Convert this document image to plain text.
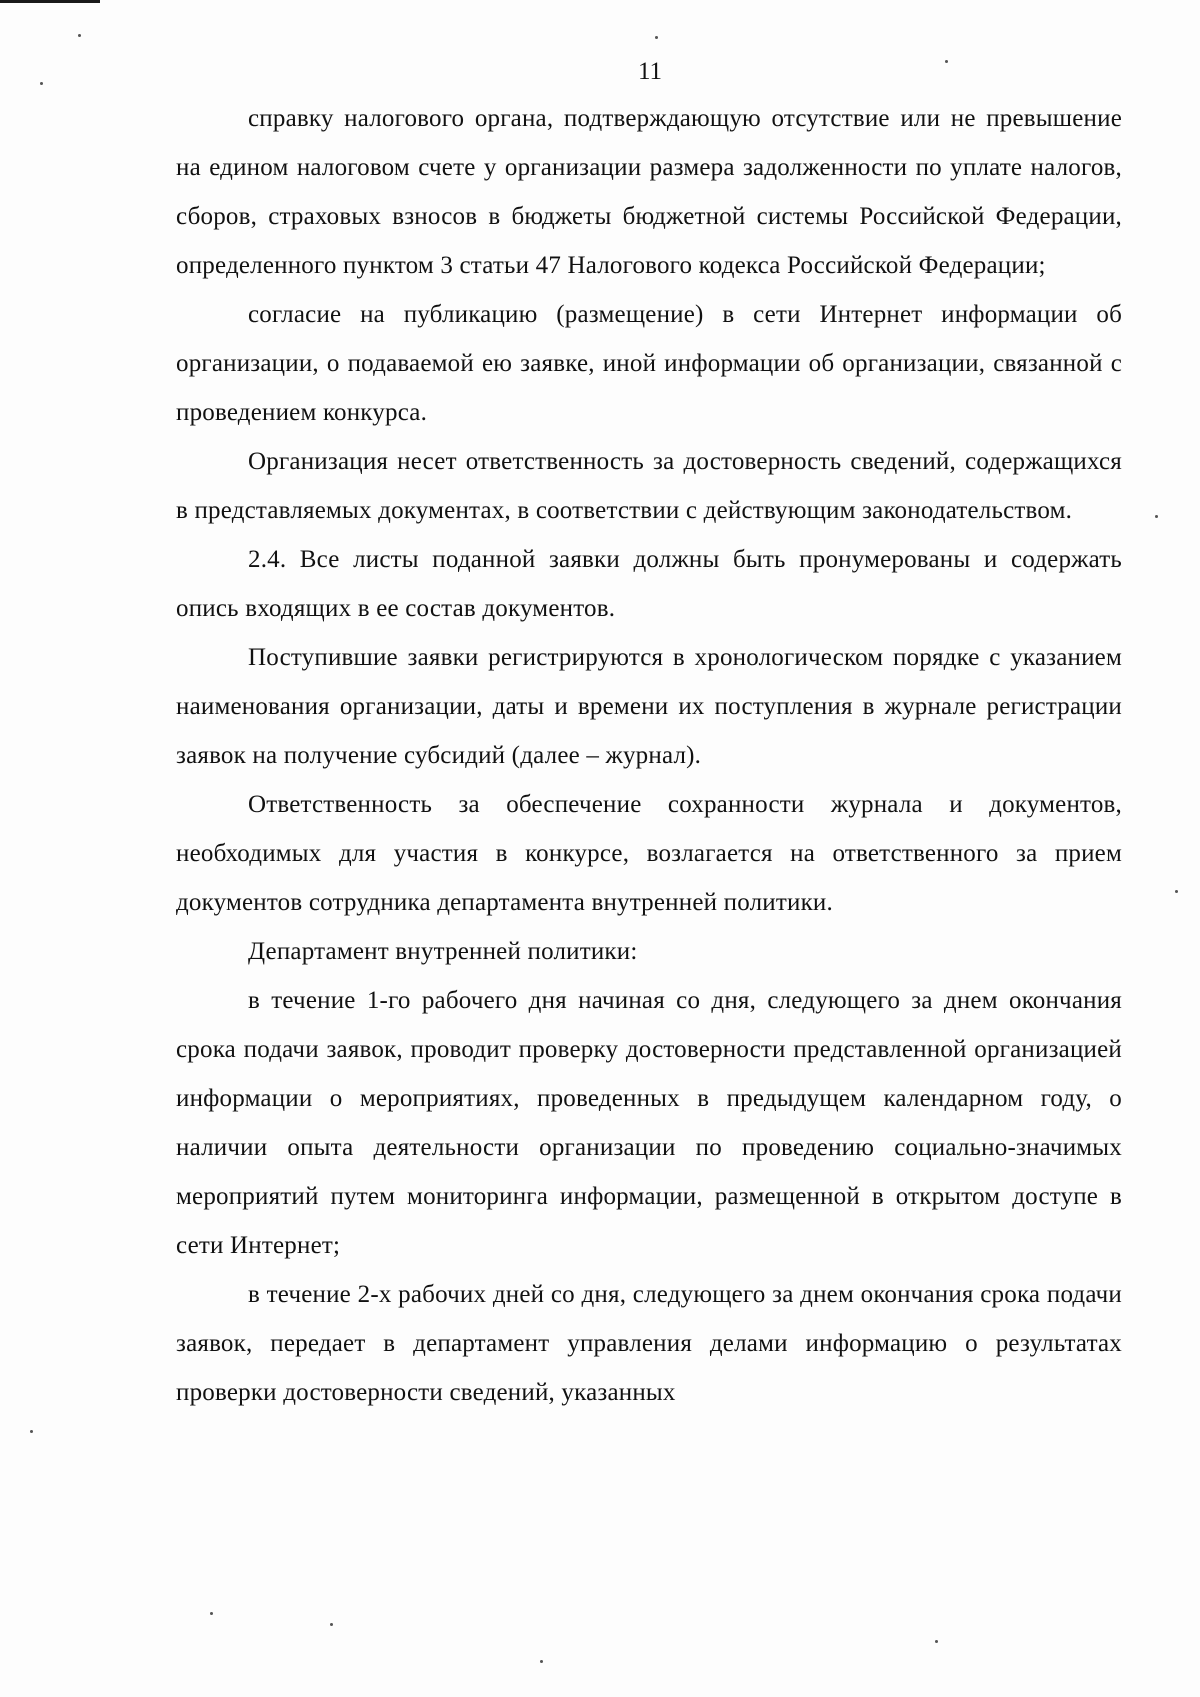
11

справку налогового органа, подтверждающую отсутствие или не превышение на едином налоговом счете у организации размера задолженности по уплате налогов, сборов, страховых взносов в бюджеты бюджетной системы Российской Федерации, определенного пунктом 3 статьи 47 Налогового кодекса Российской Федерации;

согласие на публикацию (размещение) в сети Интернет информации об организации, о подаваемой ею заявке, иной информации об организации, связанной с проведением конкурса.

Организация несет ответственность за достоверность сведений, содержащихся в представляемых документах, в соответствии с действующим законодательством.

2.4. Все листы поданной заявки должны быть пронумерованы и содержать опись входящих в ее состав документов.

Поступившие заявки регистрируются в хронологическом порядке с указанием наименования организации, даты и времени их поступления в журнале регистрации заявок на получение субсидий (далее – журнал).

Ответственность за обеспечение сохранности журнала и документов, необходимых для участия в конкурсе, возлагается на ответственного за прием документов сотрудника департамента внутренней политики.

Департамент внутренней политики:

в течение 1-го рабочего дня начиная со дня, следующего за днем окончания срока подачи заявок, проводит проверку достоверности представленной организацией информации о мероприятиях, проведенных в предыдущем календарном году, о наличии опыта деятельности организации по проведению социально-значимых мероприятий путем мониторинга информации, размещенной в открытом доступе в сети Интернет;

в течение 2-х рабочих дней со дня, следующего за днем окончания срока подачи заявок, передает в департамент управления делами информацию о результатах проверки достоверности сведений, указанных
